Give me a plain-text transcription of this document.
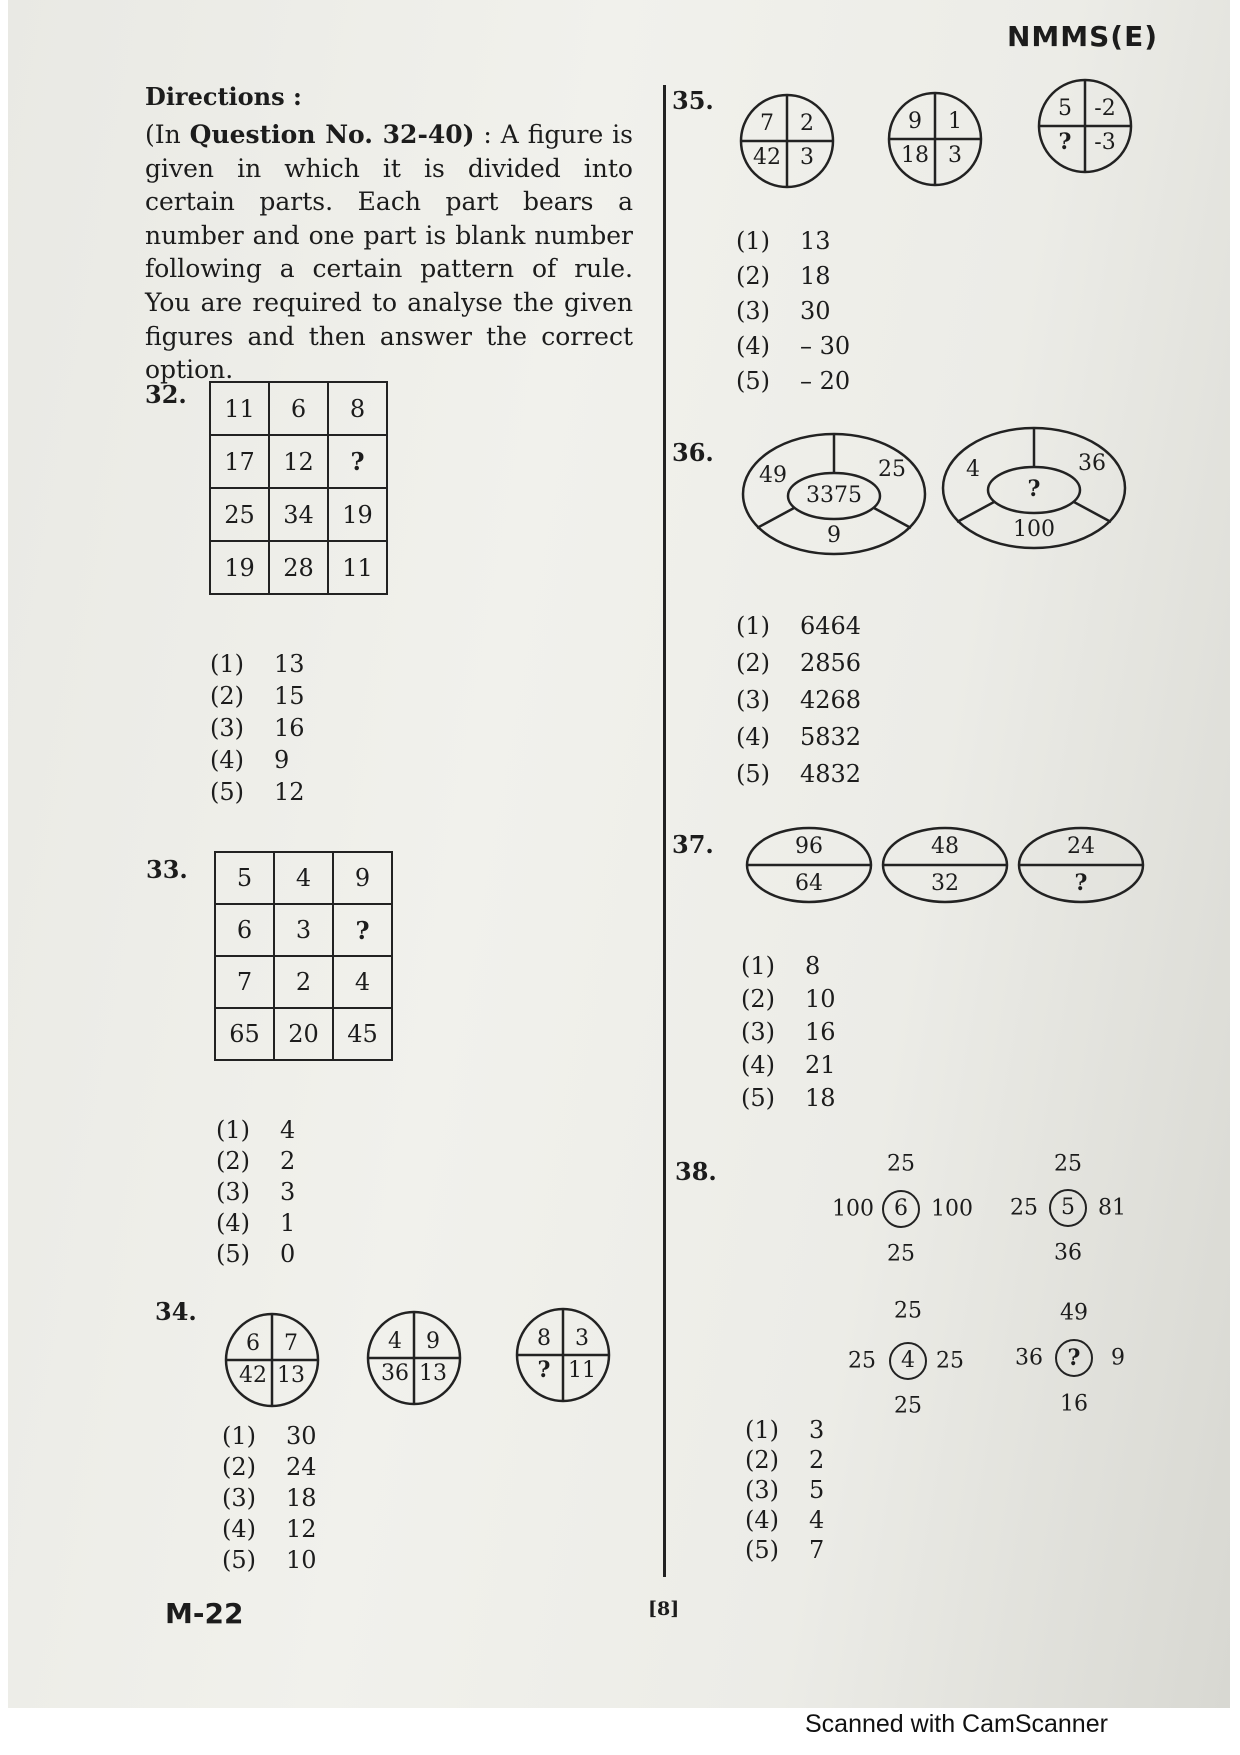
NMMS(E)
Directions :
(In Question No. 32-40) : A figure is given in which it is divided into certain parts. Each part bears a number and one part is blank number following a certain pattern of rule. You are required to analyse the given figures and then answer the correct option.
32. 11	6	8
17	12	?
25	34	19
19	28	11
(1)	13
(2)	15
(3)	16
(4)	9
(5)	12
33. 5	4	9
6	3	?
7	2	4
65	20	45
(1)	4
(2)	2
(3)	3
(4)	1
(5)	0
34.
6 7
42 13
4 9
36 13
8 3
? 11
(1)	30
(2)	24
(3)	18
(4)	12
(5)	10
35.
7 2
42 3
9 1
18 3
5 -2
? -3
(1)	13
(2)	18
(3)	30
(4)	– 30
(5)	– 20
36.
49	25
3375
9
4	36
?
100
(1)	6464
(2)	2856
(3)	4268
(4)	5832
(5)	4832
37.	96
64
48
32
24
?
(1)	8
(2)	10
(3)	16
(4)	21
(5)	18
38.	25
100 6	100
25
25
25	5	81
36
25
25	4 25
25
49
36	?	9
16
(1)	3
(2)	2
(3)	5
(4)	4
(5)	7
M-22	[8]
Scanned with CamScanner
